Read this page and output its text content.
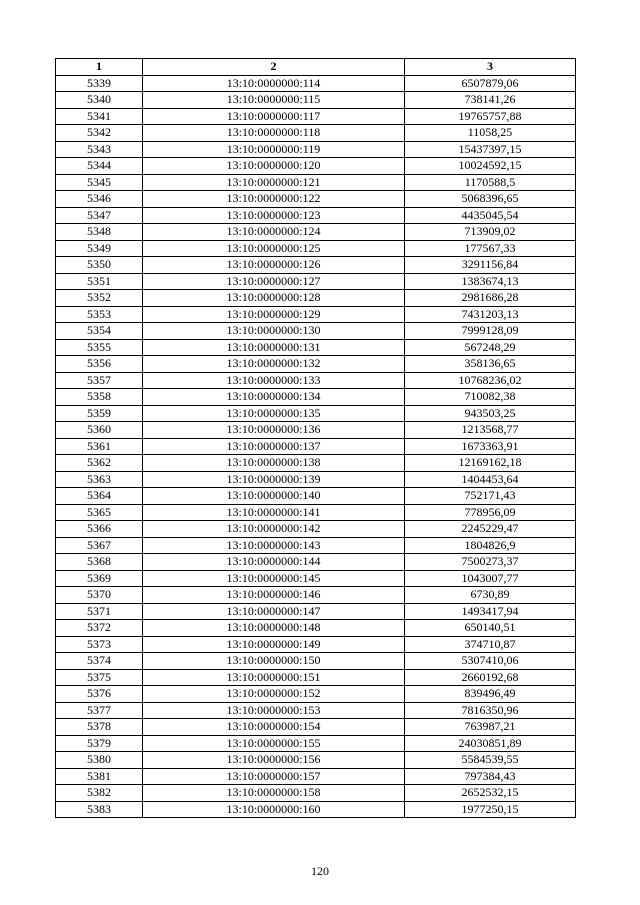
1	2	3
5339	13:10:0000000:114	6507879,06
5340	13:10:0000000:115	738141,26
5341	13:10:0000000:117	19765757,88
5342	13:10:0000000:118	11058,25
5343	13:10:0000000:119	15437397,15
5344	13:10:0000000:120	10024592,15
5345	13:10:0000000:121	1170588,5
5346	13:10:0000000:122	5068396,65
5347	13:10:0000000:123	4435045,54
5348	13:10:0000000:124	713909,02
5349	13:10:0000000:125	177567,33
5350	13:10:0000000:126	3291156,84
5351	13:10:0000000:127	1383674,13
5352	13:10:0000000:128	2981686,28
5353	13:10:0000000:129	7431203,13
5354	13:10:0000000:130	7999128,09
5355	13:10:0000000:131	567248,29
5356	13:10:0000000:132	358136,65
5357	13:10:0000000:133	10768236,02
5358	13:10:0000000:134	710082,38
5359	13:10:0000000:135	943503,25
5360	13:10:0000000:136	1213568,77
5361	13:10:0000000:137	1673363,91
5362	13:10:0000000:138	12169162,18
5363	13:10:0000000:139	1404453,64
5364	13:10:0000000:140	752171,43
5365	13:10:0000000:141	778956,09
5366	13:10:0000000:142	2245229,47
5367	13:10:0000000:143	1804826,9
5368	13:10:0000000:144	7500273,37
5369	13:10:0000000:145	1043007,77
5370	13:10:0000000:146	6730,89
5371	13:10:0000000:147	1493417,94
5372	13:10:0000000:148	650140,51
5373	13:10:0000000:149	374710,87
5374	13:10:0000000:150	5307410,06
5375	13:10:0000000:151	2660192,68
5376	13:10:0000000:152	839496,49
5377	13:10:0000000:153	7816350,96
5378	13:10:0000000:154	763987,21
5379	13:10:0000000:155	24030851,89
5380	13:10:0000000:156	5584539,55
5381	13:10:0000000:157	797384,43
5382	13:10:0000000:158	2652532,15
5383	13:10:0000000:160	1977250,15
120
